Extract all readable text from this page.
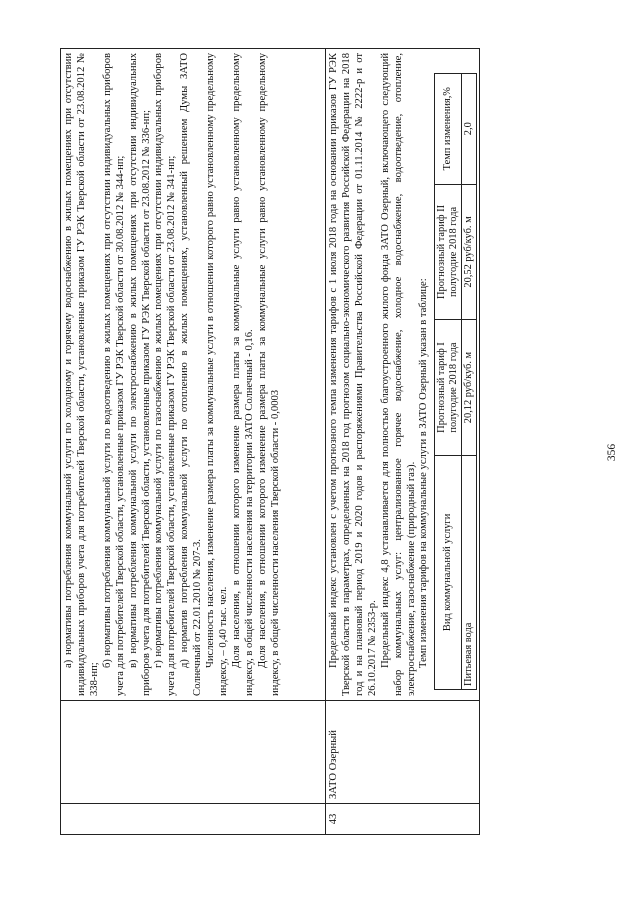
а) нормативы потребления коммунальной услуги по холодному и горячему водоснабжению в жилых помещениях при отсутствии индивидуальных приборов учета для потребителей Тверской области, установленные приказом ГУ РЭК Тверской области от 23.08.2012 № 338-нп;

б) нормативы потребления коммунальной услуги по водоотведению в жилых помещениях при отсутствии индивидуальных приборов учета для потребителей Тверской области, установленные приказом ГУ РЭК Тверской области от 30.08.2012 № 344-нп; в) нормативы потребления коммунальной услуги по электроснабжению в жилых помещениях при отсутствии индивидуальных приборов учета для потребителей Тверской области, установленные приказом ГУ РЭК Тверской области от 23.08.2012 № 336-нп; г) нормативы потребления коммунальной услуги по газоснабжению в жилых помещениях при отсутствии индивидуальных приборов учета для потребителей Тверской области, установленные приказом ГУ РЭК Тверской области от 23.08.2012 № 341-нп; д) норматив потребления коммунальной услуги по отоплению в жилых помещениях, установленный решением Думы ЗАТО Солнечный от 22.01.2010 № 207-3. Численность населения, изменение размера платы за коммунальные услуги в отношении которого равно установленному предельному индексу, – 0,40 тыс. чел. Доля населения, в отношении которого изменение размера платы за коммунальные услуги равно установленному предельному индексу, в общей численности населения на территории ЗАТО Солнечный - 0,16. Доля населения, в отношении которого изменение размера платы за коммунальные услуги равно установленному предельному индексу, в общей численности населения Тверской области - 0,0003

43	ЗАТО Озерный	

Предельный индекс установлен с учетом прогнозного темпа изменения тарифов с 1 июля 2018 года на основании приказов ГУ РЭК Тверской области в параметрах, определенных на 2018 год прогнозом социально-экономического развития Российской Федерации на 2018 год и на плановый период 2019 и 2020 годов и распоряжениями Правительства Российской Федерации от 01.11.2014 № 2222-р и от 26.10.2017 № 2353-р. Предельный индекс 4,8 устанавливается для полностью благоустроенного жилого фонда ЗАТО Озерный, включающего следующий набор коммунальных услуг: централизованное горячее водоснабжение, холодное водоснабжение, водоотведение, отопление, электроснабжение, газоснабжение (природный газ). Темп изменения тарифов на коммунальные услуги в ЗАТО Озерный указан в таблице: Вид коммунальной услуги	Прогнозный тариф I полугодие 2018 года	Прогнозный тариф II полугодие 2018 года	Темп изменения,%
Питьевая вода	20,12 руб/куб. м	20,52 руб/куб. м	2,0
356
